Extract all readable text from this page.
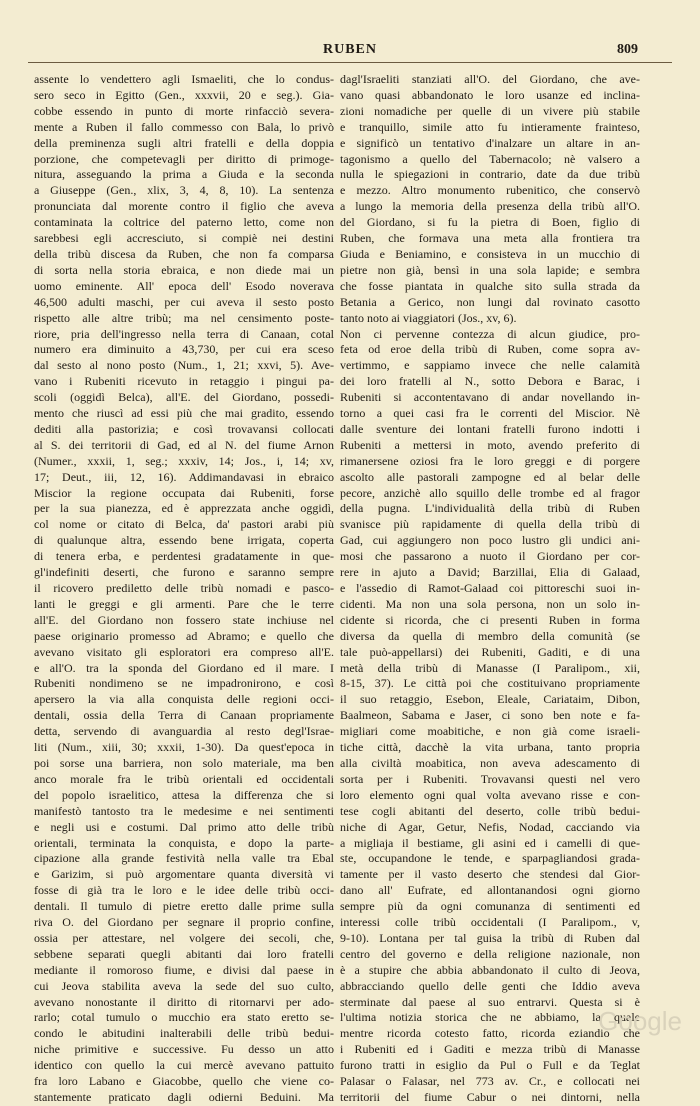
RUBEN	809
assente lo vendettero agli Ismaeliti, che lo condus-
sero seco in Egitto (Gen., xxxvii, 20 e seg.). Gia-
cobbe essendo in punto di morte rinfacciò severa-
mente a Ruben il fallo commesso con Bala, lo privò
della preminenza sugli altri fratelli e della doppia
porzione, che competevagli per diritto di primoge-
nitura, asseguando la prima a Giuda e la seconda
a Giuseppe (Gen., xlix, 3, 4, 8, 10). La sentenza
pronunciata dal morente contro il figlio che aveva
contaminata la coltrice del paterno letto, come non
sarebbesi egli accresciuto, si compiè nei destini
della tribù discesa da Ruben, che non fa comparsa
di sorta nella storia ebraica, e non diede mai un
uomo eminente. All' epoca dell' Esodo noverava
46,500 adulti maschi, per cui aveva il sesto posto
rispetto alle altre tribù; ma nel censimento poste-
riore, pria dell'ingresso nella terra di Canaan, cotal
numero era diminuito a 43,730, per cui era sceso
dal sesto al nono posto (Num., 1, 21; xxvi, 5). Ave-
vano i Rubeniti ricevuto in retaggio i pingui pa-
scoli (oggidì Belca), all'E. del Giordano, possedi-
mento che riuscì ad essi più che mai gradito, essendo
dediti alla pastorizia; e così trovavansi collocati
al S. dei territorii di Gad, ed al N. del fiume Arnon
(Numer., xxxii, 1, seg.; xxxiv, 14; Jos., i, 14; xv,
17; Deut., iii, 12, 16). Addimandavasi in ebraico
Miscior la regione occupata dai Rubeniti, forse
per la sua pianezza, ed è apprezzata anche oggidì,
col nome or citato di Belca, da' pastori arabi più
di qualunque altra, essendo bene irrigata, coperta
di tenera erba, e perdentesi gradatamente in que-
gl'indefiniti deserti, che furono e saranno sempre
il ricovero prediletto delle tribù nomadi e pasco-
lanti le greggi e gli armenti. Pare che le terre
all'E. del Giordano non fossero state inchiuse nel
paese originario promesso ad Abramo; e quello che
avevano visitato gli esploratori era compreso all'E.
e all'O. tra la sponda del Giordano ed il mare. I
Rubeniti nondimeno se ne impadronirono, e così
apersero la via alla conquista delle regioni occi-
dentali, ossia della Terra di Canaan propriamente
detta, servendo di avanguardia al resto degl'Israe-
liti (Num., xiii, 30; xxxii, 1-30). Da quest'epoca in
poi sorse una barriera, non solo materiale, ma ben
anco morale fra le tribù orientali ed occidentali
del popolo israelitico, attesa la differenza che si
manifestò tantosto tra le medesime e nei sentimenti
e negli usi e costumi. Dal primo atto delle tribù
orientali, terminata la conquista, e dopo la parte-
cipazione alla grande festività nella valle tra Ebal
e Garizim, si può argomentare quanta diversità vi
fosse di già tra le loro e le idee delle tribù occi-
dentali. Il tumulo di pietre eretto dalle prime sulla
riva O. del Giordano per segnare il proprio confine,
ossia per attestare, nel volgere dei secoli, che,
sebbene separati quegli abitanti dai loro fratelli
mediante il romoroso fiume, e divisi dal paese in
cui Jeova stabilita aveva la sede del suo culto,
avevano nonostante il diritto di ritornarvi per ado-
rarlo; cotal tumulo o mucchio era stato eretto se-
condo le abitudini inalterabili delle tribù bedui-
niche primitive e successive. Fu desso un atto
identico con quello la cui mercè avevano pattuito
fra loro Labano e Giacobbe, quello che viene co-
stantemente praticato dagli odierni Beduini. Ma
dagl'Israeliti stanziati all'O. del Giordano, che ave-
vano quasi abbandonato le loro usanze ed inclina-
zioni nomadiche per quelle di un vivere più stabile
e tranquillo, simile atto fu intieramente frainteso,
e significò un tentativo d'inalzare un altare in an-
tagonismo a quello del Tabernacolo; nè valsero a
nulla le spiegazioni in contrario, date da due tribù
e mezzo. Altro monumento rubenitico, che conservò
a lungo la memoria della presenza della tribù all'O.
del Giordano, si fu la pietra di Boen, figlio di
Ruben, che formava una meta alla frontiera tra
Giuda e Beniamino, e consisteva in un mucchio di
pietre non già, bensì in una sola lapide; e sembra
che fosse piantata in qualche sito sulla strada da
Betania a Gerico, non lungi dal rovinato casotto
tanto noto ai viaggiatori (Jos., xv, 6).
Non ci pervenne contezza di alcun giudice, pro-
feta od eroe della tribù di Ruben, come sopra av-
vertimmo, e sappiamo invece che nelle calamità
dei loro fratelli al N., sotto Debora e Barac, i
Rubeniti si accontentavano di andar novellando in-
torno a quei casi fra le correnti del Miscior. Nè
dalle sventure dei lontani fratelli furono indotti i
Rubeniti a mettersi in moto, avendo preferito di
rimanersene oziosi fra le loro greggi e di porgere
ascolto alle pastorali zampogne ed al belar delle
pecore, anzichè allo squillo delle trombe ed al fragor
della pugna. L'individualità della tribù di Ruben
svanisce più rapidamente di quella della tribù di
Gad, cui aggiungero non poco lustro gli undici ani-
mosi che passarono a nuoto il Giordano per cor-
rere in ajuto a David; Barzillai, Elia di Galaad,
e l'assedio di Ramot-Galaad coi pittoreschi suoi in-
cidenti. Ma non una sola persona, non un solo in-
cidente si ricorda, che ci presenti Ruben in forma
diversa da quella di membro della comunità (se
tale può-appellarsi) dei Rubeniti, Gaditi, e di una
metà della tribù di Manasse (I Paralipom., xii,
8-15, 37). Le città poi che costituivano propriamente
il suo retaggio, Esebon, Eleale, Cariataim, Dibon,
Baalmeon, Sabama e Jaser, ci sono ben note e fa-
migliari come moabitiche, e non già come israeli-
tiche città, dacchè la vita urbana, tanto propria
alla civiltà moabitica, non aveva adescamento di
sorta per i Rubeniti. Trovavansi questi nel vero
loro elemento ogni qual volta avevano risse e con-
tese cogli abitanti del deserto, colle tribù bedui-
niche di Agar, Getur, Nefis, Nodad, cacciando via
a migliaja il bestiame, gli asini ed i camelli di que-
ste, occupandone le tende, e sparpagliandosi grada-
tamente per il vasto deserto che stendesi dal Gior-
dano all' Eufrate, ed allontanandosi ogni giorno
sempre più da ogni comunanza di sentimenti ed
interessi colle tribù occidentali (I Paralipom., v,
9-10). Lontana per tal guisa la tribù di Ruben dal
centro del governo e della religione nazionale, non
è a stupire che abbia abbandonato il culto di Jeova,
abbracciando quello delle genti che Iddio aveva
sterminate dal paese al suo entrarvi. Questa si è
l'ultima notizia storica che ne abbiamo, la quale
mentre ricorda cotesto fatto, ricorda eziandio che
i Rubeniti ed i Gaditi e mezza tribù di Manasse
furono tratti in esiglio da Pul o Full e da Teglat
Palasar o Falasar, nel 773 av. Cr., e collocati nei
territorii del fiume Cabur o nei dintorni, nella
Google
